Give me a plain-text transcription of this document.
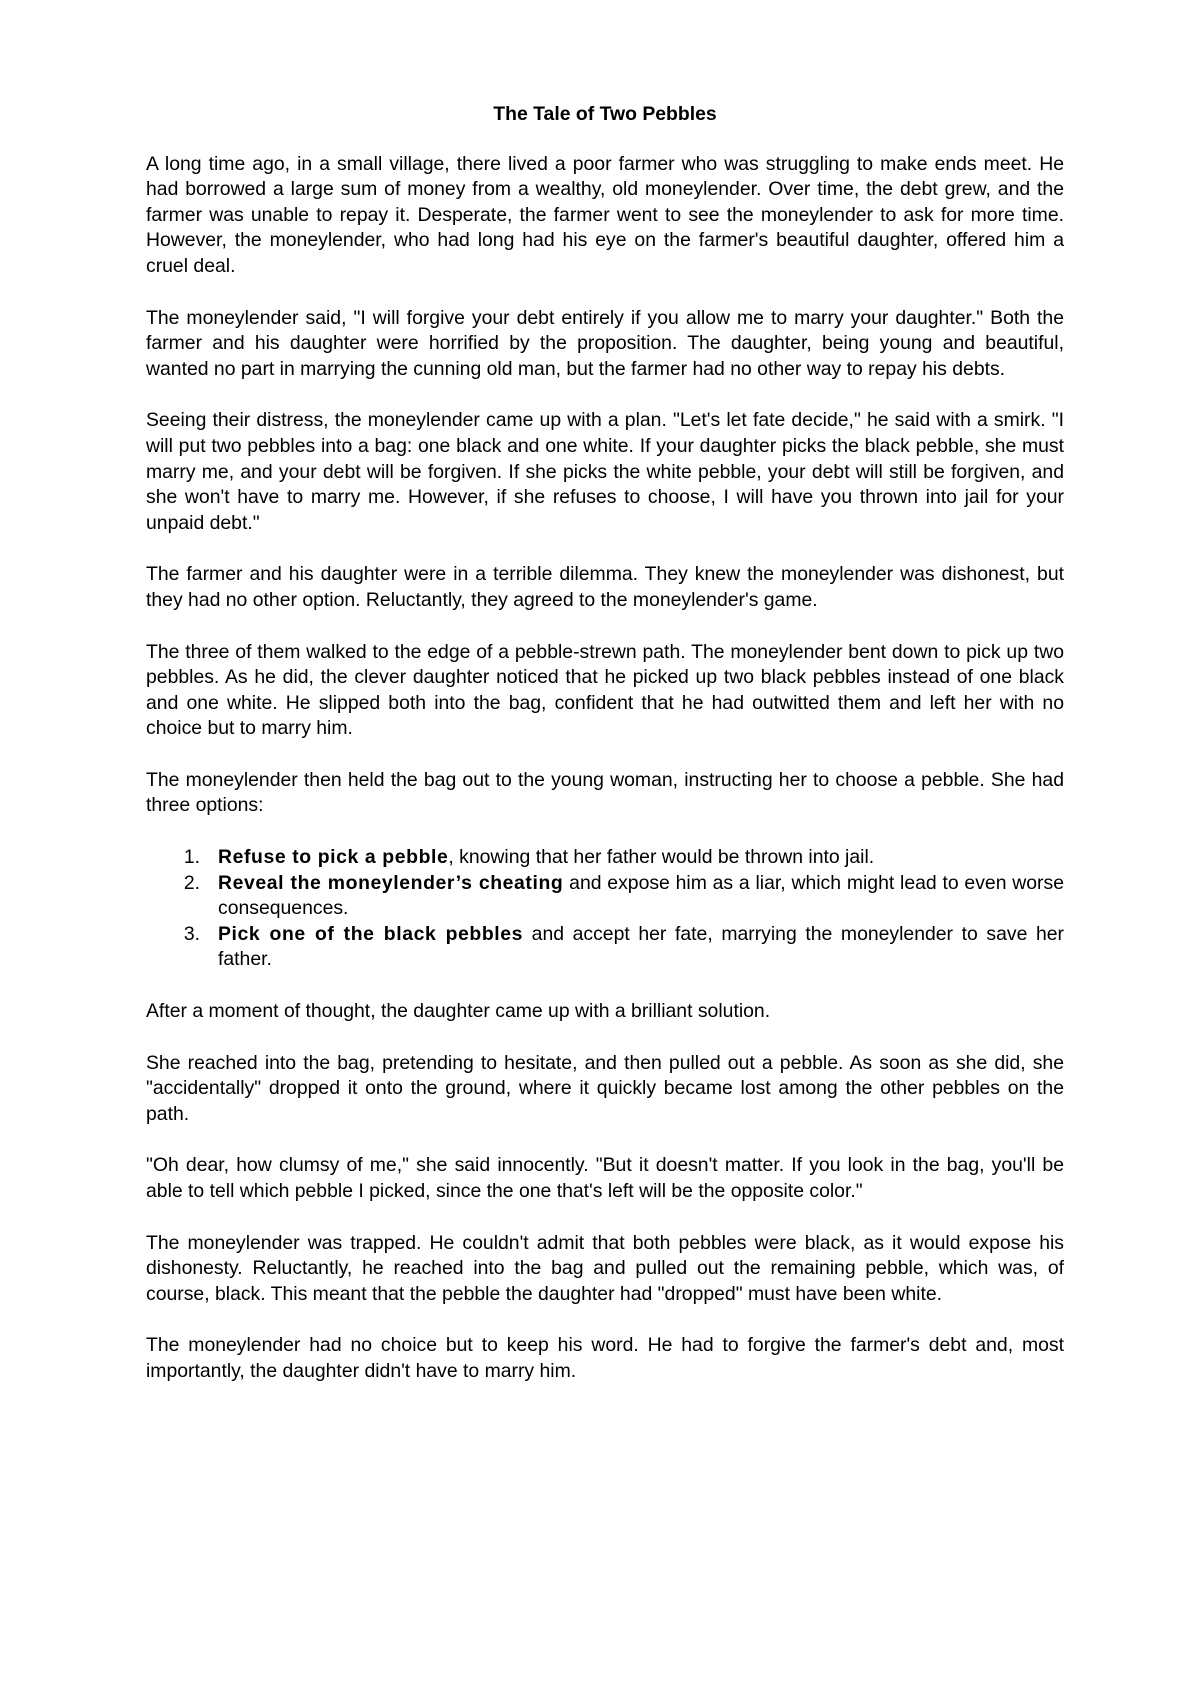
The Tale of Two Pebbles

A long time ago, in a small village, there lived a poor farmer who was struggling to make ends meet. He had borrowed a large sum of money from a wealthy, old moneylender. Over time, the debt grew, and the farmer was unable to repay it. Desperate, the farmer went to see the moneylender to ask for more time. However, the moneylender, who had long had his eye on the farmer's beautiful daughter, offered him a cruel deal.

The moneylender said, "I will forgive your debt entirely if you allow me to marry your daughter." Both the farmer and his daughter were horrified by the proposition. The daughter, being young and beautiful, wanted no part in marrying the cunning old man, but the farmer had no other way to repay his debts.

Seeing their distress, the moneylender came up with a plan. "Let's let fate decide," he said with a smirk. "I will put two pebbles into a bag: one black and one white. If your daughter picks the black pebble, she must marry me, and your debt will be forgiven. If she picks the white pebble, your debt will still be forgiven, and she won't have to marry me. However, if she refuses to choose, I will have you thrown into jail for your unpaid debt."

The farmer and his daughter were in a terrible dilemma. They knew the moneylender was dishonest, but they had no other option. Reluctantly, they agreed to the moneylender's game.

The three of them walked to the edge of a pebble-strewn path. The moneylender bent down to pick up two pebbles. As he did, the clever daughter noticed that he picked up two black pebbles instead of one black and one white. He slipped both into the bag, confident that he had outwitted them and left her with no choice but to marry him.

The moneylender then held the bag out to the young woman, instructing her to choose a pebble. She had three options:

1. Refuse to pick a pebble, knowing that her father would be thrown into jail.
2. Reveal the moneylender’s cheating and expose him as a liar, which might lead to even worse consequences.
3. Pick one of the black pebbles and accept her fate, marrying the moneylender to save her father.

After a moment of thought, the daughter came up with a brilliant solution.

She reached into the bag, pretending to hesitate, and then pulled out a pebble. As soon as she did, she "accidentally" dropped it onto the ground, where it quickly became lost among the other pebbles on the path.

"Oh dear, how clumsy of me," she said innocently. "But it doesn't matter. If you look in the bag, you'll be able to tell which pebble I picked, since the one that's left will be the opposite color."

The moneylender was trapped. He couldn't admit that both pebbles were black, as it would expose his dishonesty. Reluctantly, he reached into the bag and pulled out the remaining pebble, which was, of course, black. This meant that the pebble the daughter had "dropped" must have been white.

The moneylender had no choice but to keep his word. He had to forgive the farmer's debt and, most importantly, the daughter didn't have to marry him.
